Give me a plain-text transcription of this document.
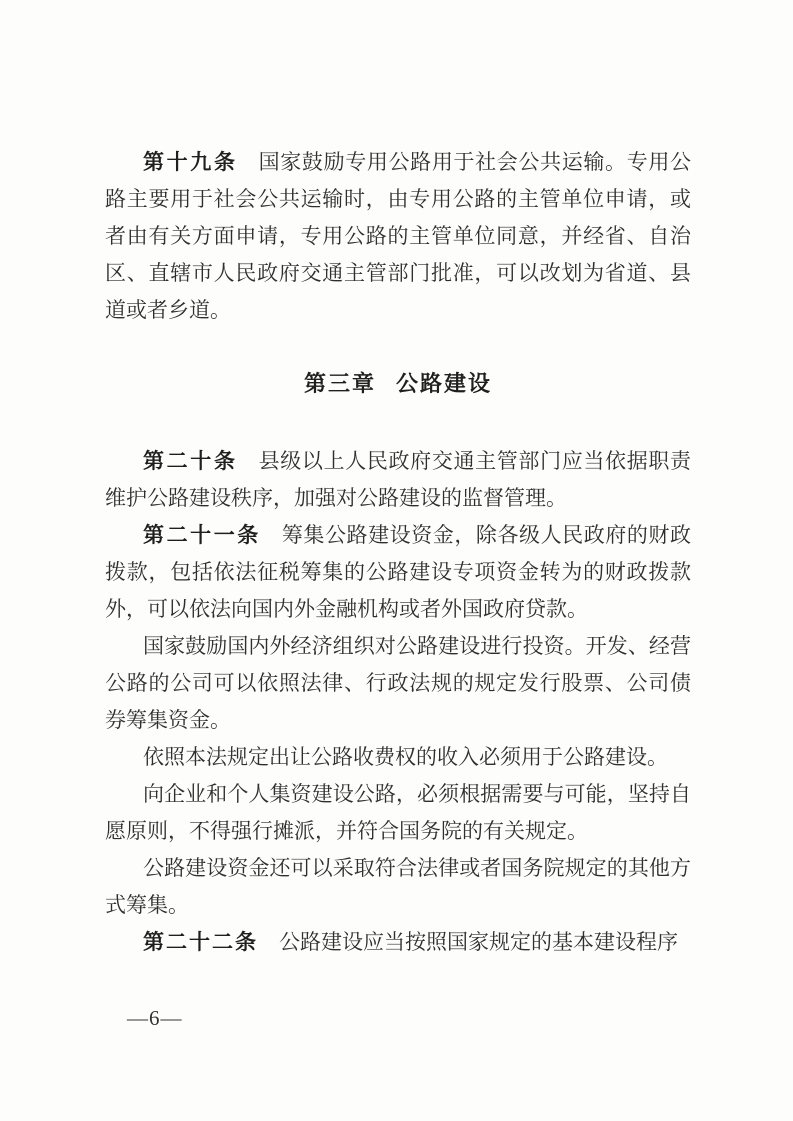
第十九条 国家鼓励专用公路用于社会公共运输。专用公路主要用于社会公共运输时，由专用公路的主管单位申请，或者由有关方面申请，专用公路的主管单位同意，并经省、自治区、直辖市人民政府交通主管部门批准，可以改划为省道、县道或者乡道。

第三章 公路建设

第二十条 县级以上人民政府交通主管部门应当依据职责维护公路建设秩序，加强对公路建设的监督管理。

第二十一条 筹集公路建设资金，除各级人民政府的财政拨款，包括依法征税筹集的公路建设专项资金转为的财政拨款外，可以依法向国内外金融机构或者外国政府贷款。

国家鼓励国内外经济组织对公路建设进行投资。开发、经营公路的公司可以依照法律、行政法规的规定发行股票、公司债券筹集资金。

依照本法规定出让公路收费权的收入必须用于公路建设。

向企业和个人集资建设公路，必须根据需要与可能，坚持自愿原则，不得强行摊派，并符合国务院的有关规定。

公路建设资金还可以采取符合法律或者国务院规定的其他方式筹集。

第二十二条 公路建设应当按照国家规定的基本建设程序

—6—
